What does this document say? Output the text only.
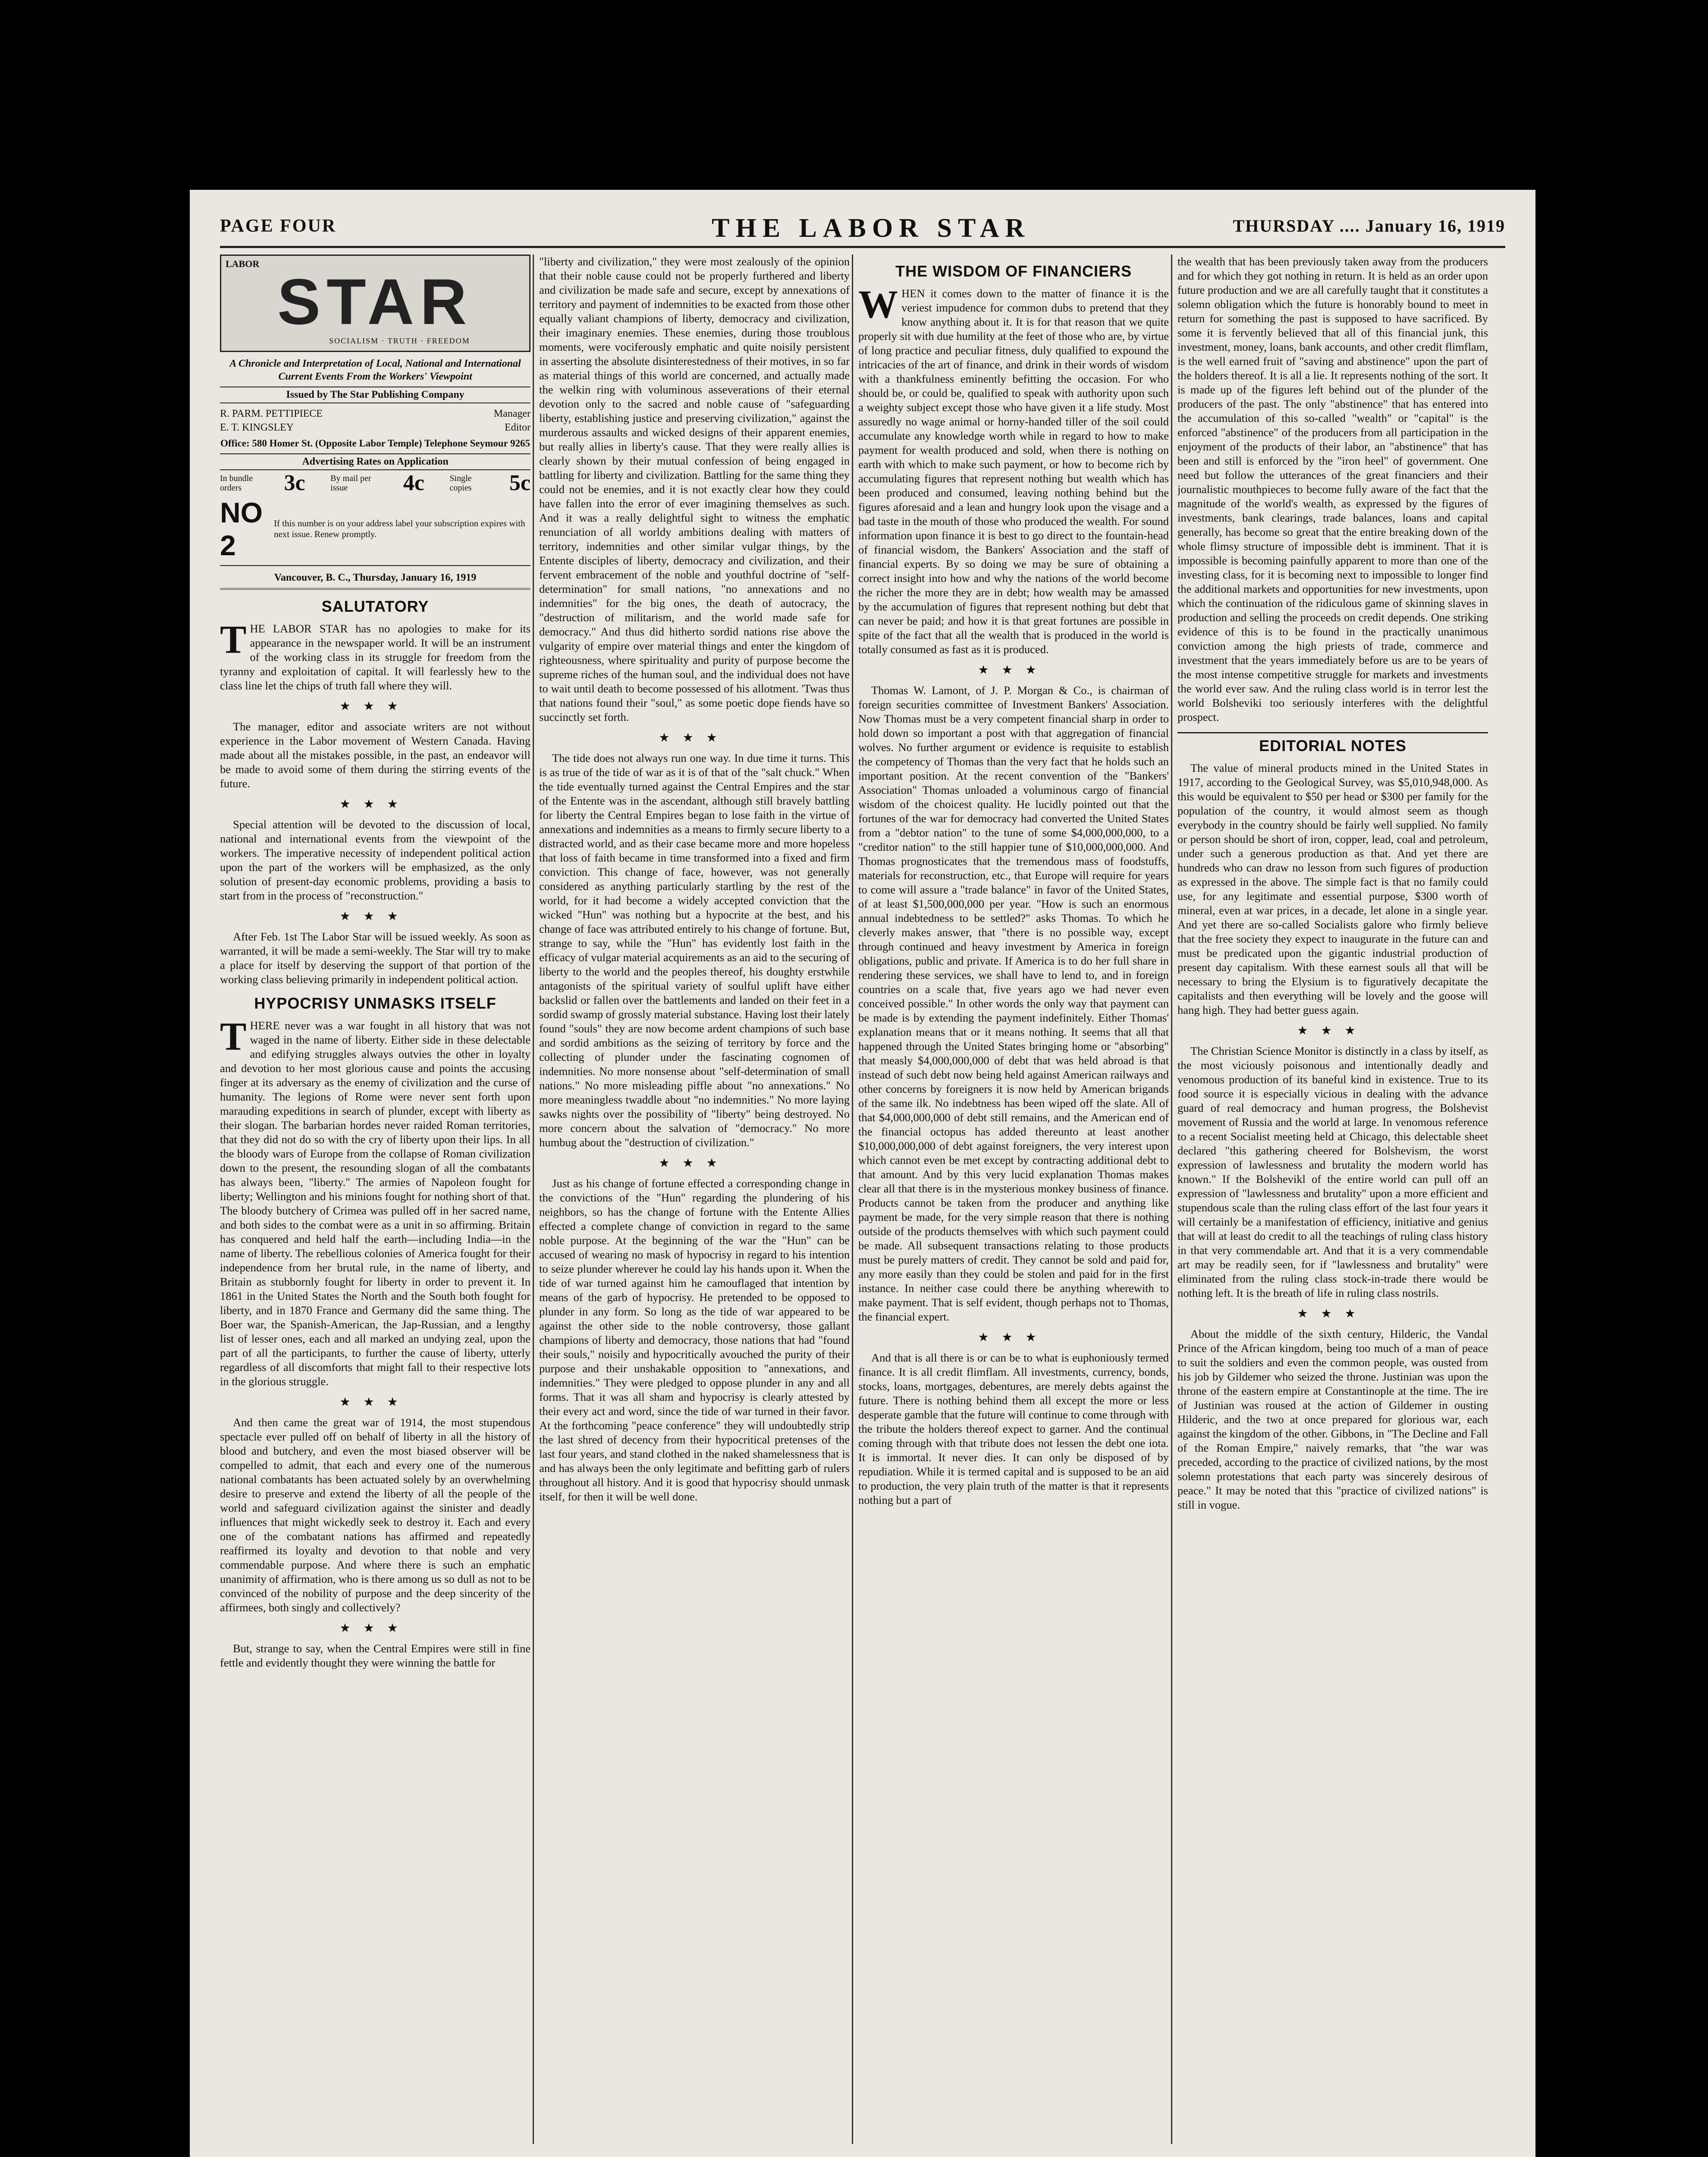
PAGE FOUR	THE LABOR STAR	THURSDAY .... January 16, 1919
LABOR
STAR
SOCIALISM · TRUTH · FREEDOM
A Chronicle and Interpretation of Local, National and International Current Events From the Workers' Viewpoint
Issued by The Star Publishing Company
R. PARM. PETTIPIECE	Manager
E. T. KINGSLEY	Editor
Office: 580 Homer St. (Opposite Labor Temple) Telephone Seymour 9265
Advertising Rates on Application
In bundle orders	3c	By mail per issue	4c	Single copies	5c
NO 2
If this number is on your address label your subscription expires with next issue. Renew promptly.
Vancouver, B. C., Thursday, January 16, 1919
SALUTATORY

THE LABOR STAR has no apologies to make for its appearance in the newspaper world. It will be an instrument of the working class in its struggle for freedom from the tyranny and exploitation of capital. It will fearlessly hew to the class line let the chips of truth fall where they will.

★★★

The manager, editor and associate writers are not without experience in the Labor movement of Western Canada. Having made about all the mistakes possible, in the past, an endeavor will be made to avoid some of them during the stirring events of the future.

★★★

Special attention will be devoted to the discussion of local, national and international events from the viewpoint of the workers. The imperative necessity of independent political action upon the part of the workers will be emphasized, as the only solution of present-day economic problems, providing a basis to start from in the process of "reconstruction."

★★★

After Feb. 1st The Labor Star will be issued weekly. As soon as warranted, it will be made a semi-weekly. The Star will try to make a place for itself by deserving the support of that portion of the working class believing primarily in independent political action.

HYPOCRISY UNMASKS ITSELF

THERE never was a war fought in all history that was not waged in the name of liberty. Either side in these delectable and edifying struggles always outvies the other in loyalty and devotion to her most glorious cause and points the accusing finger at its adversary as the enemy of civilization and the curse of humanity. The legions of Rome were never sent forth upon marauding expeditions in search of plunder, except with liberty as their slogan. The barbarian hordes never raided Roman territories, that they did not do so with the cry of liberty upon their lips. In all the bloody wars of Europe from the collapse of Roman civilization down to the present, the resounding slogan of all the combatants has always been, "liberty." The armies of Napoleon fought for liberty; Wellington and his minions fought for nothing short of that. The bloody butchery of Crimea was pulled off in her sacred name, and both sides to the combat were as a unit in so affirming. Britain has conquered and held half the earth—including India—in the name of liberty. The rebellious colonies of America fought for their independence from her brutal rule, in the name of liberty, and Britain as stubbornly fought for liberty in order to prevent it. In 1861 in the United States the North and the South both fought for liberty, and in 1870 France and Germany did the same thing. The Boer war, the Spanish-American, the Jap-Russian, and a lengthy list of lesser ones, each and all marked an undying zeal, upon the part of all the participants, to further the cause of liberty, utterly regardless of all discomforts that might fall to their respective lots in the glorious struggle.

★★★

And then came the great war of 1914, the most stupendous spectacle ever pulled off on behalf of liberty in all the history of blood and butchery, and even the most biased observer will be compelled to admit, that each and every one of the numerous national combatants has been actuated solely by an overwhelming desire to preserve and extend the liberty of all the people of the world and safeguard civilization against the sinister and deadly influences that might wickedly seek to destroy it. Each and every one of the combatant nations has affirmed and repeatedly reaffirmed its loyalty and devotion to that noble and very commendable purpose. And where there is such an emphatic unanimity of affirmation, who is there among us so dull as not to be convinced of the nobility of purpose and the deep sincerity of the affirmees, both singly and collectively?

★★★

But, strange to say, when the Central Empires were still in fine fettle and evidently thought they were winning the battle for

"liberty and civilization," they were most zealously of the opinion that their noble cause could not be properly furthered and liberty and civilization be made safe and secure, except by annexations of territory and payment of indemnities to be exacted from those other equally valiant champions of liberty, democracy and civilization, their imaginary enemies. These enemies, during those troublous moments, were vociferously emphatic and quite noisily persistent in asserting the absolute disinterestedness of their motives, in so far as material things of this world are concerned, and actually made the welkin ring with voluminous asseverations of their eternal devotion only to the sacred and noble cause of "safeguarding liberty, establishing justice and preserving civilization," against the murderous assaults and wicked designs of their apparent enemies, but really allies in liberty's cause. That they were really allies is clearly shown by their mutual confession of being engaged in battling for liberty and civilization. Battling for the same thing they could not be enemies, and it is not exactly clear how they could have fallen into the error of ever imagining themselves as such. And it was a really delightful sight to witness the emphatic renunciation of all worldy ambitions dealing with matters of territory, indemnities and other similar vulgar things, by the Entente disciples of liberty, democracy and civilization, and their fervent embracement of the noble and youthful doctrine of "self-determination" for small nations, "no annexations and no indemnities" for the big ones, the death of autocracy, the "destruction of militarism, and the world made safe for democracy." And thus did hitherto sordid nations rise above the vulgarity of empire over material things and enter the kingdom of righteousness, where spirituality and purity of purpose become the supreme riches of the human soul, and the individual does not have to wait until death to become possessed of his allotment. 'Twas thus that nations found their "soul," as some poetic dope fiends have so succinctly set forth.

★★★

The tide does not always run one way. In due time it turns. This is as true of the tide of war as it is of that of the "salt chuck." When the tide eventually turned against the Central Empires and the star of the Entente was in the ascendant, although still bravely battling for liberty the Central Empires began to lose faith in the virtue of annexations and indemnities as a means to firmly secure liberty to a distracted world, and as their case became more and more hopeless that loss of faith became in time transformed into a fixed and firm conviction. This change of face, however, was not generally considered as anything particularly startling by the rest of the world, for it had become a widely accepted conviction that the wicked "Hun" was nothing but a hypocrite at the best, and his change of face was attributed entirely to his change of fortune. But, strange to say, while the "Hun" has evidently lost faith in the efficacy of vulgar material acquirements as an aid to the securing of liberty to the world and the peoples thereof, his doughty erstwhile antagonists of the spiritual variety of soulful uplift have either backslid or fallen over the battlements and landed on their feet in a sordid swamp of grossly material substance. Having lost their lately found "souls" they are now become ardent champions of such base and sordid ambitions as the seizing of territory by force and the collecting of plunder under the fascinating cognomen of indemnities. No more nonsense about "self-determination of small nations." No more misleading piffle about "no annexations." No more meaningless twaddle about "no indemnities." No more laying sawks nights over the possibility of "liberty" being destroyed. No more concern about the salvation of "democracy." No more humbug about the "destruction of civilization."

★★★

Just as his change of fortune effected a corresponding change in the convictions of the "Hun" regarding the plundering of his neighbors, so has the change of fortune with the Entente Allies effected a complete change of conviction in regard to the same noble purpose. At the beginning of the war the "Hun" can be accused of wearing no mask of hypocrisy in regard to his intention to seize plunder wherever he could lay his hands upon it. When the tide of war turned against him he camouflaged that intention by means of the garb of hypocrisy. He pretended to be opposed to plunder in any form. So long as the tide of war appeared to be against the other side to the noble controversy, those gallant champions of liberty and democracy, those nations that had "found their souls," noisily and hypocritically avouched the purity of their purpose and their unshakable opposition to "annexations, and indemnities." They were pledged to oppose plunder in any and all forms. That it was all sham and hypocrisy is clearly attested by their every act and word, since the tide of war turned in their favor. At the forthcoming "peace conference" they will undoubtedly strip the last shred of decency from their hypocritical pretenses of the last four years, and stand clothed in the naked shamelessness that is and has always been the only legitimate and befitting garb of rulers throughout all history. And it is good that hypocrisy should unmask itself, for then it will be well done.

THE WISDOM OF FINANCIERS

WHEN it comes down to the matter of finance it is the veriest impudence for common dubs to pretend that they know anything about it. It is for that reason that we quite properly sit with due humility at the feet of those who are, by virtue of long practice and peculiar fitness, duly qualified to expound the intricacies of the art of finance, and drink in their words of wisdom with a thankfulness eminently befitting the occasion. For who should be, or could be, qualified to speak with authority upon such a weighty subject except those who have given it a life study. Most assuredly no wage animal or horny-handed tiller of the soil could accumulate any knowledge worth while in regard to how to make payment for wealth produced and sold, when there is nothing on earth with which to make such payment, or how to become rich by accumulating figures that represent nothing but wealth which has been produced and consumed, leaving nothing behind but the figures aforesaid and a lean and hungry look upon the visage and a bad taste in the mouth of those who produced the wealth. For sound information upon finance it is best to go direct to the fountain-head of financial wisdom, the Bankers' Association and the staff of financial experts. By so doing we may be sure of obtaining a correct insight into how and why the nations of the world become the richer the more they are in debt; how wealth may be amassed by the accumulation of figures that represent nothing but debt that can never be paid; and how it is that great fortunes are possible in spite of the fact that all the wealth that is produced in the world is totally consumed as fast as it is produced.

★★★

Thomas W. Lamont, of J. P. Morgan & Co., is chairman of foreign securities committee of Investment Bankers' Association. Now Thomas must be a very competent financial sharp in order to hold down so important a post with that aggregation of financial wolves. No further argument or evidence is requisite to establish the competency of Thomas than the very fact that he holds such an important position. At the recent convention of the "Bankers' Association" Thomas unloaded a voluminous cargo of financial wisdom of the choicest quality. He lucidly pointed out that the fortunes of the war for democracy had converted the United States from a "debtor nation" to the tune of some $4,000,000,000, to a "creditor nation" to the still happier tune of $10,000,000,000. And Thomas prognosticates that the tremendous mass of foodstuffs, materials for reconstruction, etc., that Europe will require for years to come will assure a "trade balance" in favor of the United States, of at least $1,500,000,000 per year. "How is such an enormous annual indebtedness to be settled?" asks Thomas. To which he cleverly makes answer, that "there is no possible way, except through continued and heavy investment by America in foreign obligations, public and private. If America is to do her full share in rendering these services, we shall have to lend to, and in foreign countries on a scale that, five years ago we had never even conceived possible." In other words the only way that payment can be made is by extending the payment indefinitely. Either Thomas' explanation means that or it means nothing. It seems that all that happened through the United States bringing home or "absorbing" that measly $4,000,000,000 of debt that was held abroad is that instead of such debt now being held against American railways and other concerns by foreigners it is now held by American brigands of the same ilk. No indebtness has been wiped off the slate. All of that $4,000,000,000 of debt still remains, and the American end of the financial octopus has added thereunto at least another $10,000,000,000 of debt against foreigners, the very interest upon which cannot even be met except by contracting additional debt to that amount. And by this very lucid explanation Thomas makes clear all that there is in the mysterious monkey business of finance. Products cannot be taken from the producer and anything like payment be made, for the very simple reason that there is nothing outside of the products themselves with which such payment could be made. All subsequent transactions relating to those products must be purely matters of credit. They cannot be sold and paid for, any more easily than they could be stolen and paid for in the first instance. In neither case could there be anything wherewith to make payment. That is self evident, though perhaps not to Thomas, the financial expert.

★★★

And that is all there is or can be to what is euphoniously termed finance. It is all credit flimflam. All investments, currency, bonds, stocks, loans, mortgages, debentures, are merely debts against the future. There is nothing behind them all except the more or less desperate gamble that the future will continue to come through with the tribute the holders thereof expect to garner. And the continual coming through with that tribute does not lessen the debt one iota. It is immortal. It never dies. It can only be disposed of by repudiation. While it is termed capital and is supposed to be an aid to production, the very plain truth of the matter is that it represents nothing but a part of

the wealth that has been previously taken away from the producers and for which they got nothing in return. It is held as an order upon future production and we are all carefully taught that it constitutes a solemn obligation which the future is honorably bound to meet in return for something the past is supposed to have sacrificed. By some it is fervently believed that all of this financial junk, this investment, money, loans, bank accounts, and other credit flimflam, is the well earned fruit of "saving and abstinence" upon the part of the holders thereof. It is all a lie. It represents nothing of the sort. It is made up of the figures left behind out of the plunder of the producers of the past. The only "abstinence" that has entered into the accumulation of this so-called "wealth" or "capital" is the enforced "abstinence" of the producers from all participation in the enjoyment of the products of their labor, an "abstinence" that has been and still is enforced by the "iron heel" of government. One need but follow the utterances of the great financiers and their journalistic mouthpieces to become fully aware of the fact that the magnitude of the world's wealth, as expressed by the figures of investments, bank clearings, trade balances, loans and capital generally, has become so great that the entire breaking down of the whole flimsy structure of impossible debt is imminent. That it is impossible is becoming painfully apparent to more than one of the investing class, for it is becoming next to impossible to longer find the additional markets and opportunities for new investments, upon which the continuation of the ridiculous game of skinning slaves in production and selling the proceeds on credit depends. One striking evidence of this is to be found in the practically unanimous conviction among the high priests of trade, commerce and investment that the years immediately before us are to be years of the most intense competitive struggle for markets and investments the world ever saw. And the ruling class world is in terror lest the world Bolsheviki too seriously interferes with the delightful prospect.

EDITORIAL NOTES

The value of mineral products mined in the United States in 1917, according to the Geological Survey, was $5,010,948,000. As this would be equivalent to $50 per head or $300 per family for the population of the country, it would almost seem as though everybody in the country should be fairly well supplied. No family or person should be short of iron, copper, lead, coal and petroleum, under such a generous production as that. And yet there are hundreds who can draw no lesson from such figures of production as expressed in the above. The simple fact is that no family could use, for any legitimate and essential purpose, $300 worth of mineral, even at war prices, in a decade, let alone in a single year. And yet there are so-called Socialists galore who firmly believe that the free society they expect to inaugurate in the future can and must be predicated upon the gigantic industrial production of present day capitalism. With these earnest souls all that will be necessary to bring the Elysium is to figuratively decapitate the capitalists and then everything will be lovely and the goose will hang high. They had better guess again.

★★★

The Christian Science Monitor is distinctly in a class by itself, as the most viciously poisonous and intentionally deadly and venomous production of its baneful kind in existence. True to its food source it is especially vicious in dealing with the advance guard of real democracy and human progress, the Bolshevist movement of Russia and the world at large. In venomous reference to a recent Socialist meeting held at Chicago, this delectable sheet declared "this gathering cheered for Bolshevism, the worst expression of lawlessness and brutality the modern world has known." If the Bolshevikl of the entire world can pull off an expression of "lawlessness and brutality" upon a more efficient and stupendous scale than the ruling class effort of the last four years it will certainly be a manifestation of efficiency, initiative and genius that will at least do credit to all the teachings of ruling class history in that very commendable art. And that it is a very commendable art may be readily seen, for if "lawlessness and brutality" were eliminated from the ruling class stock-in-trade there would be nothing left. It is the breath of life in ruling class nostrils.

★★★

About the middle of the sixth century, Hilderic, the Vandal Prince of the African kingdom, being too much of a man of peace to suit the soldiers and even the common people, was ousted from his job by Gildemer who seized the throne. Justinian was upon the throne of the eastern empire at Constantinople at the time. The ire of Justinian was roused at the action of Gildemer in ousting Hilderic, and the two at once prepared for glorious war, each against the kingdom of the other. Gibbons, in "The Decline and Fall of the Roman Empire," naively remarks, that "the war was preceded, according to the practice of civilized nations, by the most solemn protestations that each party was sincerely desirous of peace." It may be noted that this "practice of civilized nations" is still in vogue.
